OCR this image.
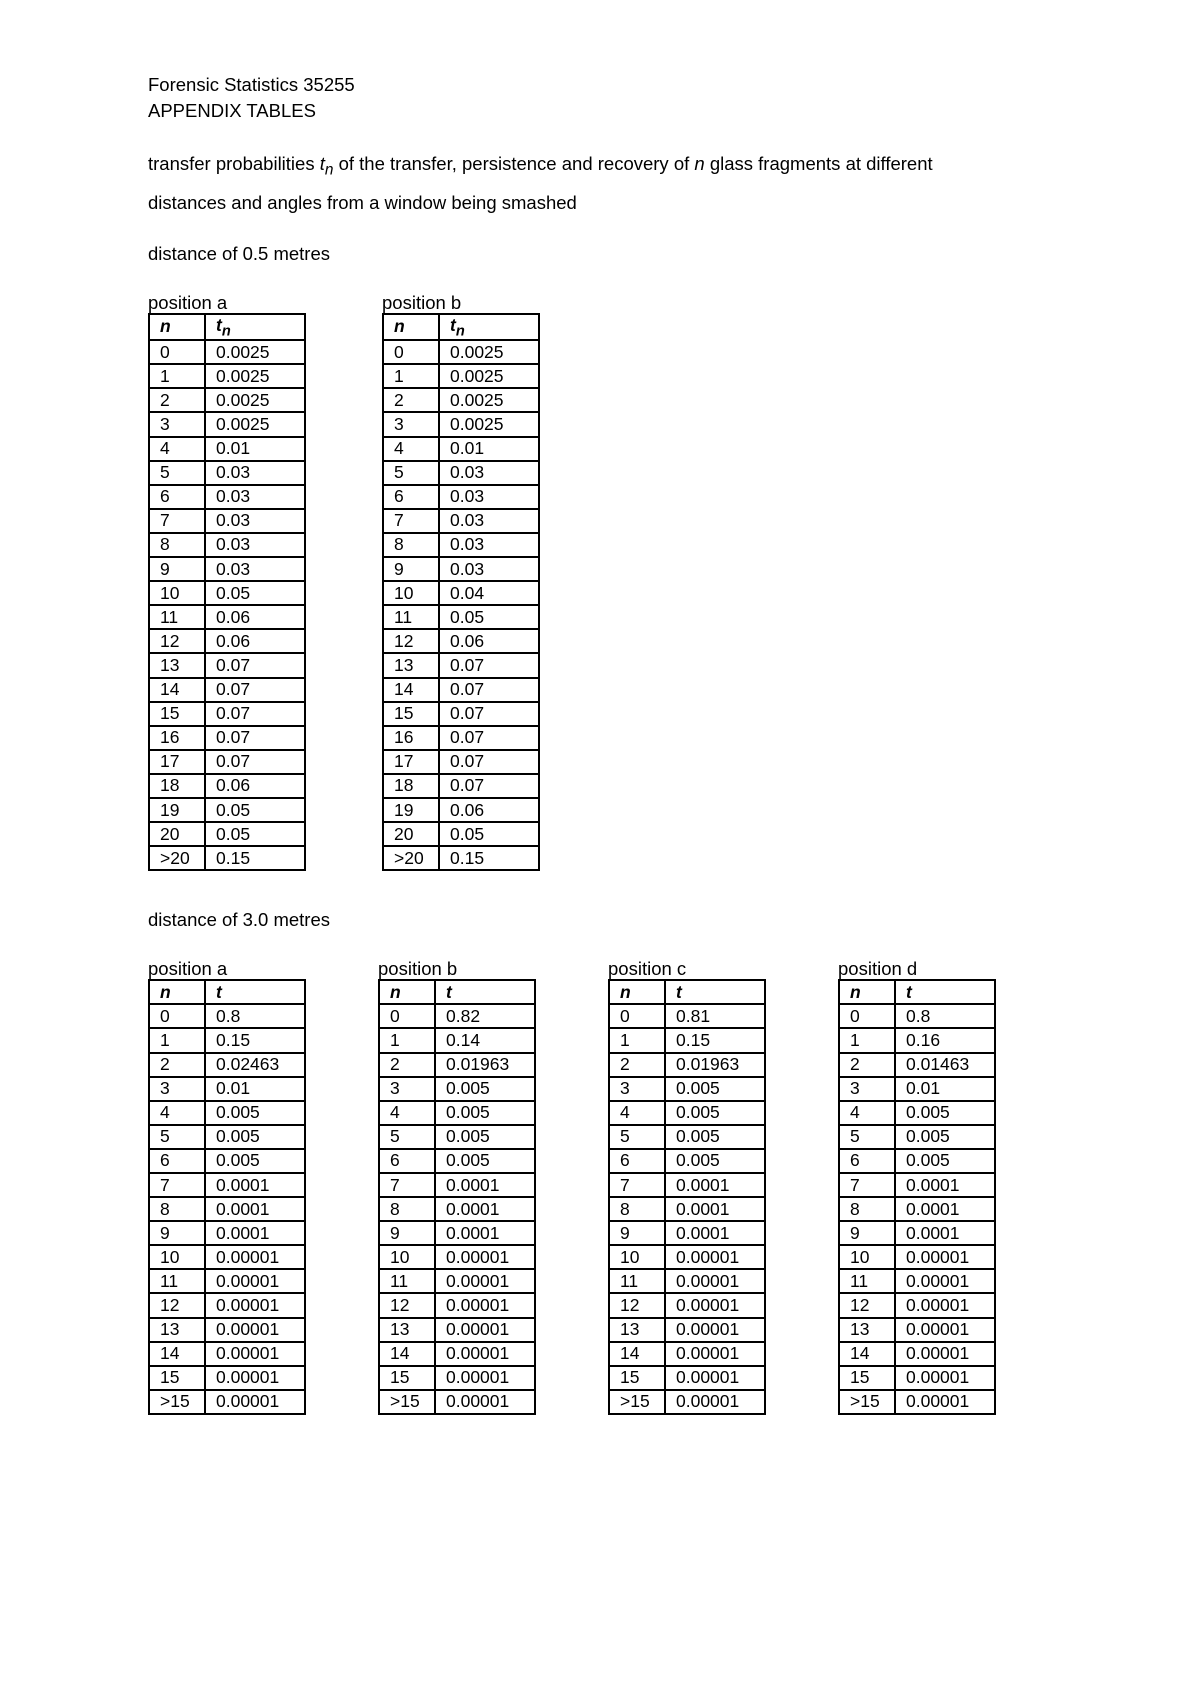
Forensic Statistics 35255
APPENDIX TABLES
transfer probabilities $t_n$ of the transfer, persistence and recovery of n glass fragments at different
distances and angles from a window being smashed
distance of 0.5 metres
position a
n	$t_n$
0	0.0025
1	0.0025
2	0.0025
3	0.0025
4	0.01
5	0.03
6	0.03
7	0.03
8	0.03
9	0.03
10	0.05
11	0.06
12	0.06
13	0.07
14	0.07
15	0.07
16	0.07
17	0.07
18	0.06
19	0.05
20	0.05
>20	0.15
position b
n	$t_n$
0	0.0025
1	0.0025
2	0.0025
3	0.0025
4	0.01
5	0.03
6	0.03
7	0.03
8	0.03
9	0.03
10	0.04
11	0.05
12	0.06
13	0.07
14	0.07
15	0.07
16	0.07
17	0.07
18	0.07
19	0.06
20	0.05
>20	0.15
distance of 3.0 metres
position a
n	t
0	0.8
1	0.15
2	0.02463
3	0.01
4	0.005
5	0.005
6	0.005
7	0.0001
8	0.0001
9	0.0001
10	0.00001
11	0.00001
12	0.00001
13	0.00001
14	0.00001
15	0.00001
>15	0.00001
position b
n	t
0	0.82
1	0.14
2	0.01963
3	0.005
4	0.005
5	0.005
6	0.005
7	0.0001
8	0.0001
9	0.0001
10	0.00001
11	0.00001
12	0.00001
13	0.00001
14	0.00001
15	0.00001
>15	0.00001
position c
n	t
0	0.81
1	0.15
2	0.01963
3	0.005
4	0.005
5	0.005
6	0.005
7	0.0001
8	0.0001
9	0.0001
10	0.00001
11	0.00001
12	0.00001
13	0.00001
14	0.00001
15	0.00001
>15	0.00001
position d
n	t
0	0.8
1	0.16
2	0.01463
3	0.01
4	0.005
5	0.005
6	0.005
7	0.0001
8	0.0001
9	0.0001
10	0.00001
11	0.00001
12	0.00001
13	0.00001
14	0.00001
15	0.00001
>15	0.00001
